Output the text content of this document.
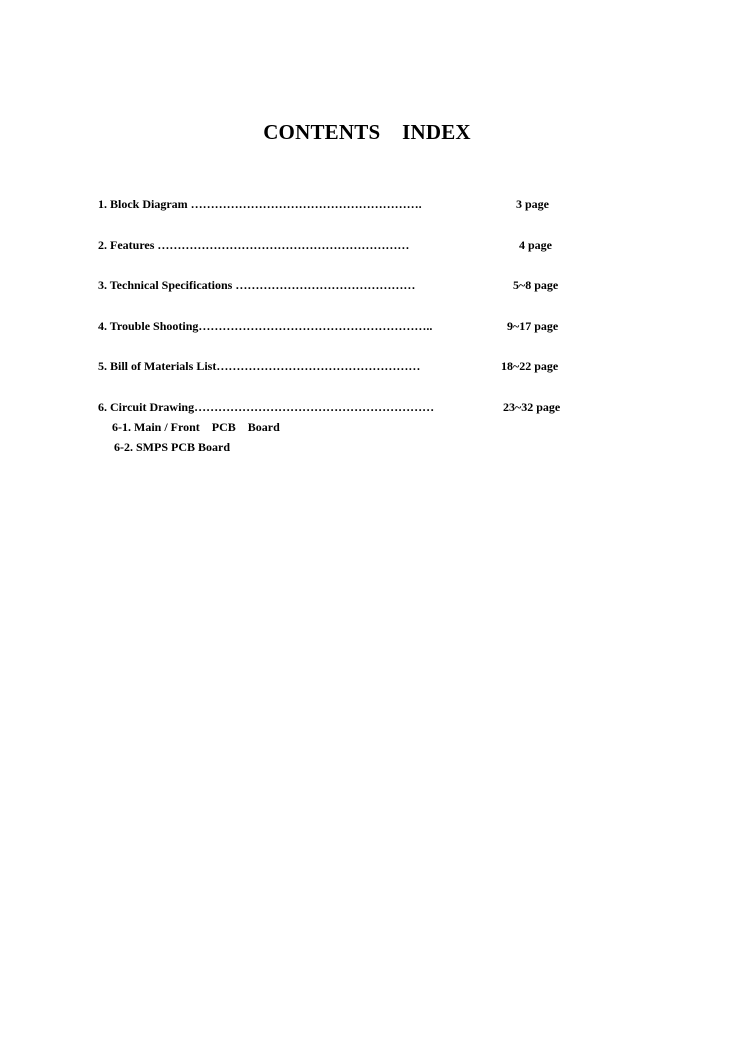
CONTENTS    INDEX
1. Block Diagram ………………………………………………….	3 page
2. Features ………………………………………………………	4 page
3. Technical Specifications ………………………………………	5~8 page
4. Trouble Shooting…………………………………………………..	9~17 page
5. Bill of Materials List……………………………………………	18~22 page
6. Circuit Drawing……………………………………………………	23~32 page
6-1. Main / Front    PCB    Board
6-2. SMPS PCB Board
